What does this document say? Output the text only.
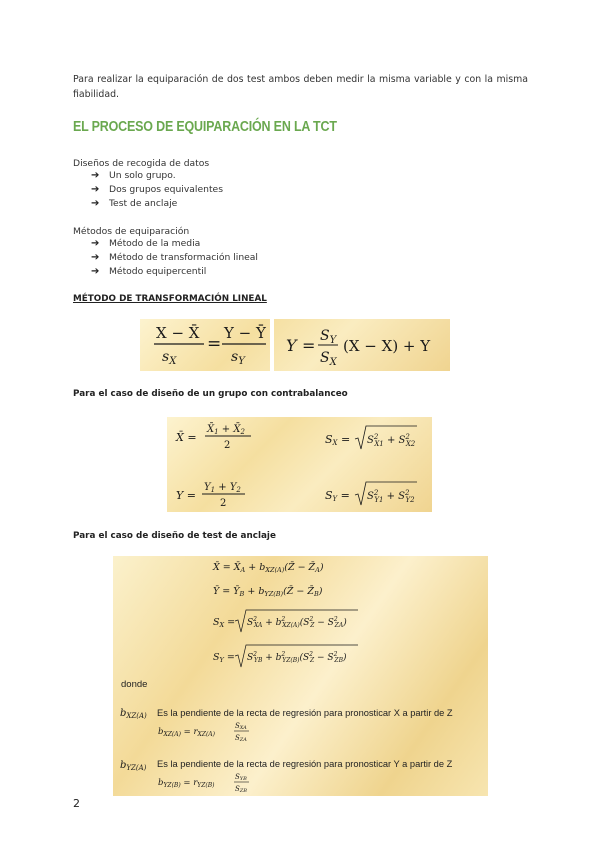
Para realizar la equiparación de dos test ambos deben medir la misma variable y con la misma fiabilidad.
EL PROCESO DE EQUIPARACIÓN EN LA TCT
Diseños de recogida de datos
➔ Un solo grupo.
➔ Dos grupos equivalentes
➔ Test de anclaje
Métodos de equiparación
➔ Método de la media
➔ Método de transformación lineal
➔ Método equipercentil
MÉTODO DE TRANSFORMACIÓN LINEAL
X − X̄
$s_X$
=
Y − Ȳ
$s_Y$
$Y = S_Y$
$S_X$
(X − X) + Y
Para el caso de diseño de un grupo con contrabalanceo
X̄ =
$X̄_1$ + $X̄_2$
2	SX = $S^2$ $X1 + S^2$ X2
Y =
$Y_1 + Y_2$
2
SY = $S^2$ $Y1 + S^2$ Y2
Para el caso de diseño de test de anclaje
X̄ = $X̄_A$ + $b_{XZ(A)}(Z̄$ − $Z̄_A$)
Ȳ = $Ȳ_B$ + $b_{YZ(B)}(Z̄$ − $Z̄_B$)
$S_X = S^2$ XA + $b^2$ $XZ(A)(S^2$ $Z - S^2$ ZA)
$S_Y = S^2$ YB + $b^2$ $YZ(B)(S^2$ $Z - S^2$ ZB)
donde
$b_{XZ(A)}$ Es la pendiente de la recta de regresión para pronosticar X a partir de Z
$b_{XZ(A)} = r_{XZ(A)}$
SXA
SZA
$b_{YZ(A)}$ Es la pendiente de la recta de regresión para pronosticar Y a partir de Z
$b_{YZ(B)} = r_{YZ(B)}$
SYB
SZB
2
